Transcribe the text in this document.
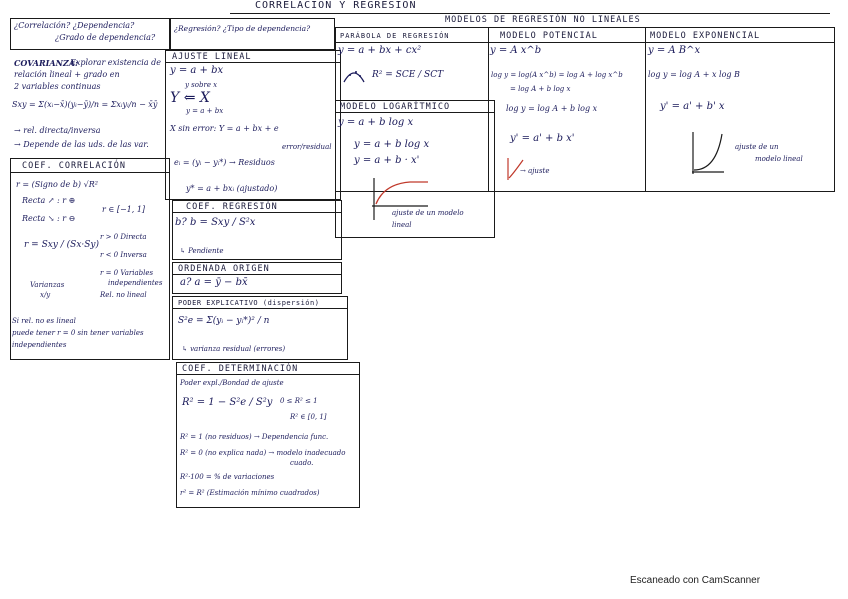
CORRELACIÓN Y REGRESIÓN
MODELOS DE REGRESIÓN NO LINEALES
¿Correlación? ¿Dependencia?
¿Grado de dependencia?
COVARIANZA:
Explorar existencia de
relación lineal + grado en
2 variables continuas
Sxy = Σ(xᵢ−x̄)(yᵢ−ȳ)/n = Σxᵢyᵢ/n − x̄ȳ
→ rel. directa/inversa
→ Depende de las uds. de las var.
COEF. CORRELACIÓN
r = (Signo de b) √R²
Recta ↗ : r ⊕
Recta ↘ : r ⊖
r ∈ [−1, 1]
r = Sxy / (Sx·Sy)
r > 0 Directa
r < 0 Inversa
r = 0 Variables
independientes
Rel. no lineal
Varianzas
x/y
Si rel. no es lineal
puede tener r = 0 sin tener variables
independientes
¿Regresión? ¿Tipo de dependencia?
AJUSTE LINEAL
y = a + bx
y sobre x
Y ⇐ X
y = a + bx
X sin error: Y = a + bx + e
error/residual
eᵢ = (yᵢ − yᵢ*) → Residuos
y* = a + bxᵢ (ajustado)
COEF. REGRESIÓN
b? b = Sxy / S²x
↳ Pendiente
ORDENADA ORIGEN
a? a = ȳ − bx̄
PODER EXPLICATIVO (dispersión)
S²e = Σ(yᵢ − yᵢ*)² / n
↳ varianza residual (errores)
COEF. DETERMINACIÓN
Poder expl./Bondad de ajuste
R² = 1 − S²e / S²y 0 ≤ R² ≤ 1
R² ∈ [0, 1]
R² = 1 (no residuos) → Dependencia func.
R² = 0 (no explica nada) → modelo inadecuado
cuado.
R²·100 = % de variaciones
r² = R² (Estimación mínimo cuadrados)
PARÁBOLA DE REGRESIÓN
y = a + bx + cx²
R² = SCE / SCT
MODELO LOGARÍTMICO
y = a + b log x
y = a + b log x
y = a + b · x'
ajuste de un modelo
lineal
MODELO POTENCIAL
y = A x^b
log y = log(A x^b) = log A + log x^b
= log A + b log x
log y = log A + b log x
y' = a' + b x'
→ ajuste
MODELO EXPONENCIAL
y = A B^x
log y = log A + x log B
y' = a' + b' x
ajuste de un
modelo lineal
Escaneado con CamScanner
